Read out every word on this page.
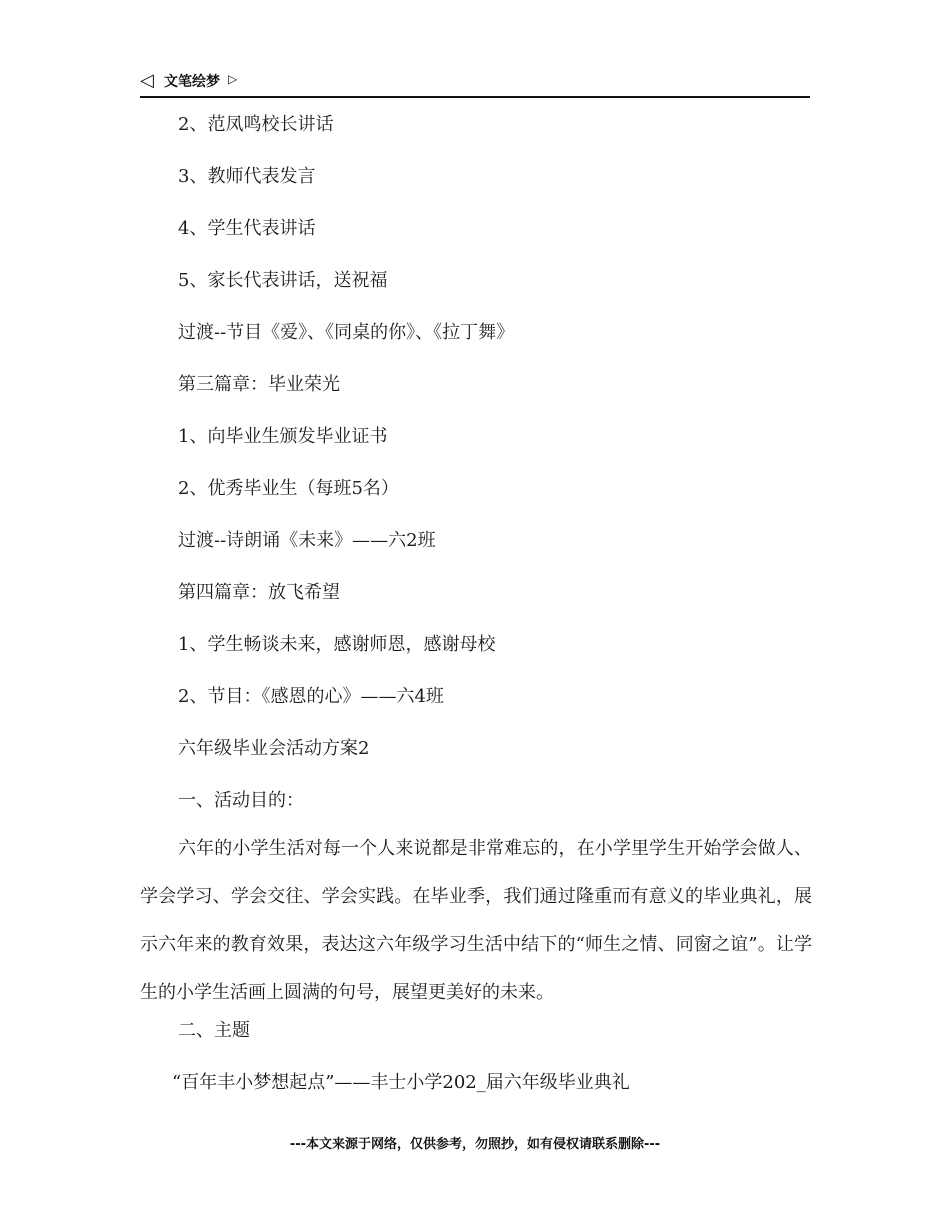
◁ 文笔绘梦 ▷
2、范凤鸣校长讲话
3、教师代表发言
4、学生代表讲话
5、家长代表讲话，送祝福
过渡--节目《爱》、《同桌的你》、《拉丁舞》
第三篇章：毕业荣光
1、向毕业生颁发毕业证书
2、优秀毕业生（每班5名）
过渡--诗朗诵《未来》——六2班
第四篇章：放飞希望
1、学生畅谈未来，感谢师恩，感谢母校
2、节目：《感恩的心》——六4班
六年级毕业会活动方案2
一、活动目的：
六年的小学生活对每一个人来说都是非常难忘的，在小学里学生开始学会做人、学会学习、学会交往、学会实践。在毕业季，我们通过隆重而有意义的毕业典礼，展示六年来的教育效果，表达这六年级学习生活中结下的“师生之情、同窗之谊”。让学生的小学生活画上圆满的句号，展望更美好的未来。
二、主题
“百年丰小梦想起点”——丰士小学202_届六年级毕业典礼
---本文来源于网络，仅供参考，勿照抄，如有侵权请联系删除---
